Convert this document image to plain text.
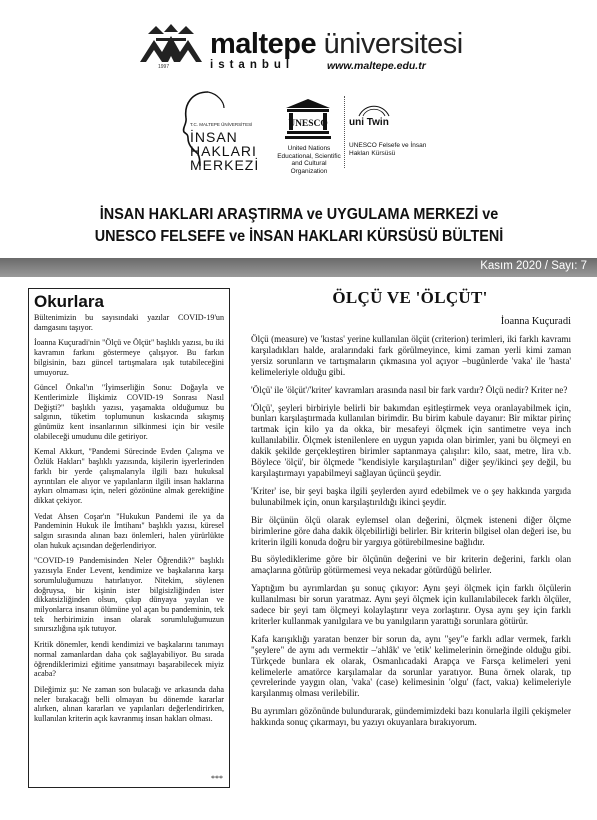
1997
maltepe üniversitesi
istanbul	www.maltepe.edu.tr
T.C. MALTEPE ÜNİVERSİTESİ
İNSAN
HAKLARI
MERKEZİ
UNESCO
United Nations Educational, Scientific and Cultural Organization
uni Twin
UNESCO Felsefe ve İnsan Hakları Kürsüsü
İNSAN HAKLARI ARAŞTIRMA ve UYGULAMA MERKEZİ ve
UNESCO FELSEFE ve İNSAN HAKLARI KÜRSÜSÜ BÜLTENİ
Kasım 2020 / Sayı: 7
Okurlara

Bültenimizin bu sayısındaki yazılar COVID-19'un damgasını taşıyor.

İoanna Kuçuradi'nin "Ölçü ve Ölçüt" başlıklı yazısı, bu iki kavramın farkını göstermeye çalışıyor. Bu farkın bilgisinin, bazı güncel tartışmalara ışık tutabileceğini umuyoruz.

Güncel Önkal'ın "İyimserliğin Sonu: Doğayla ve Kentlerimizle İlişkimiz COVID-19 Sonrası Nasıl Değişti?" başlıklı yazısı, yaşamakta olduğumuz bu salgının, tüketim toplumunun kıskacında sıkışmış günümüz kent insanlarının silkinmesi için bir vesile olabileceği umudunu dile getiriyor.

Kemal Akkurt, "Pandemi Sürecinde Evden Çalışma ve Özlük Hakları" başlıklı yazısında, kişilerin işyerlerinden farklı bir yerde çalışmalarıyla ilgili bazı hukuksal ayrıntıları ele alıyor ve yapılanların ilgili insan haklarına aykırı olmaması için, neleri gözönüne almak gerektiğine dikkat çekiyor.

Vedat Ahsen Coşar'ın "Hukukun Pandemi ile ya da Pandeminin Hukuk ile İmtihanı" başlıklı yazısı, küresel salgın sırasında alınan bazı önlemleri, halen yürürlükte olan hukuk açısından değerlendiriyor.

"COVID-19 Pandemisinden Neler Öğrendik?" başlıklı yazısıyla Ender Levent, kendimize ve başkalarına karşı sorumluluğumuzu hatırlatıyor. Nitekim, söylenen doğruysa, bir kişinin ister bilgisizliğinden ister dikkatsizliğinden olsun, çıkıp dünyaya yayılan ve milyonlarca insanın ölümüne yol açan bu pandeminin, tek tek herbirimizin insan olarak sorumluluğumuzun sınırsızlığına ışık tutuyor.

Kritik dönemler, kendi kendimizi ve başkalarını tanımayı normal zamanlardan daha çok sağlayabiliyor. Bu sırada öğrendiklerimizi eğitime yansıtmayı başarabilecek miyiz acaba?

Dileğimiz şu: Ne zaman son bulacağı ve arkasında daha neler bırakacağı belli olmayan bu dönemde kararlar alırken, alınan kararları ve yapılanları değerlendirirken, kullanılan kriterin açık kavranmış insan hakları olması.

***
ÖLÇÜ VE 'ÖLÇÜT'
İoanna Kuçuradi

Ölçü (measure) ve 'kıstas' yerine kullanılan ölçüt (criterion) terimleri, iki farklı kavramı karşıladıkları halde, aralarındaki fark görülmeyince, kimi zaman yerli kimi zaman yersiz sorunların ve tartışmaların çıkmasına yol açıyor –bugünlerde 'vaka' ile 'hasta' kelimeleriyle olduğu gibi.

'Ölçü' ile 'ölçüt'/'kriter' kavramları arasında nasıl bir fark vardır? Ölçü nedir? Kriter ne?

'Ölçü', şeyleri birbiriyle belirli bir bakımdan eşitleştirmek veya oranlayabilmek için, bunları karşılaştırmada kullanılan birimdir. Bu birim kabule dayanır: Bir miktar pirinç tartmak için kilo ya da okka, bir mesafeyi ölçmek için santimetre veya inch kullanılabilir. Ölçmek istenilenlere en uygun yapıda olan birimler, yani bu ölçmeyi en dakik şekilde gerçekleştiren birimler saptanmaya çalışılır: kilo, saat, metre, lira v.b. Böylece 'ölçü', bir ölçmede "kendisiyle karşılaştırılan" diğer şey/ikinci şey değil, bu karşılaştırmayı yapabilmeyi sağlayan üçüncü şeydir.

'Kriter' ise, bir şeyi başka ilgili şeylerden ayırd edebilmek ve o şey hakkında yargıda bulunabilmek için, onun karşılaştırıldığı ikinci şeydir.

Bir ölçünün ölçü olarak eylemsel olan değerini, ölçmek isteneni diğer ölçme birimlerine göre daha dakik ölçebilirliği belirler. Bir kriterin bilgisel olan değeri ise, bu kriterin ilgili konuda doğru bir yargıya götürebilmesine bağlıdır.

Bu söylediklerime göre bir ölçünün değerini ve bir kriterin değerini, farklı olan amaçlarına götürüp götürmemesi veya nekadar götürdüğü belirler.

Yaptığım bu ayrımlardan şu sonuç çıkıyor: Aynı şeyi ölçmek için farklı ölçülerin kullanılması bir sorun yaratmaz. Aynı şeyi ölçmek için kullanılabilecek farklı ölçüler, sadece bir şeyi tam ölçmeyi kolaylaştırır veya zorlaştırır. Oysa aynı şey için farklı kriterler kullanmak yanılgılara ve bu yanılgıların yarattığı sorunlara götürür.

Kafa karışıklığı yaratan benzer bir sorun da, aynı "şey"e farklı adlar vermek, farklı "şeylere" de aynı adı vermektir –'ahlâk' ve 'etik' kelimelerinin örneğinde olduğu gibi. Türkçede bunlara ek olarak, Osmanlıcadaki Arapça ve Farsça kelimeleri yeni kelimelerle amatörce karşılamalar da sorunlar yaratıyor. Buna örnek olarak, tıp çevrelerinde yaygın olan, 'vaka' (case) kelimesinin 'olgu' (fact, vakıa) kelimeleriyle karşılanmış olması verilebilir.

Bu ayrımları gözönünde bulundurarak, gündemimizdeki bazı konularla ilgili çekişmeler hakkında sonuç çıkarmayı, bu yazıyı okuyanlara bırakıyorum.
